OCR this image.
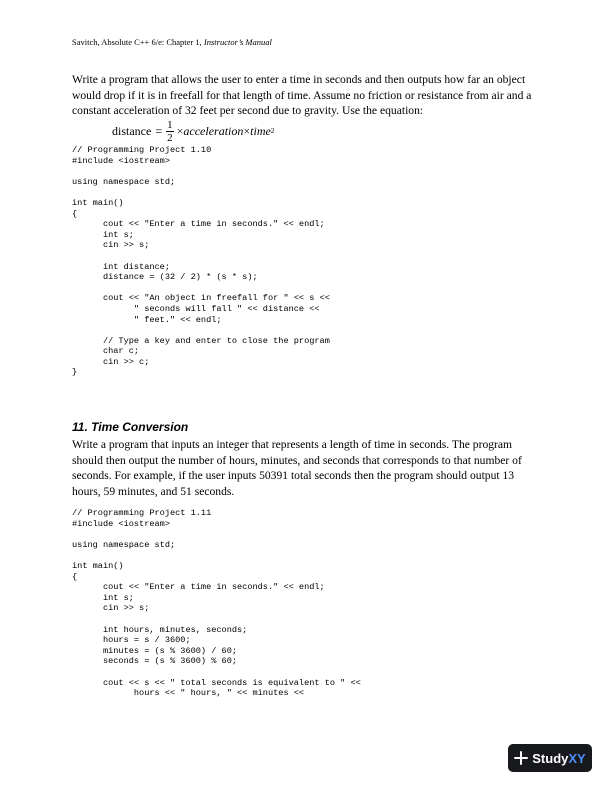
Savitch, Absolute C++ 6/e: Chapter 1, Instructor’s Manual
Write a program that allows the user to enter a time in seconds and then outputs how far an object would drop if it is in freefall for that length of time. Assume no friction or resistance from air and a constant acceleration of 32 feet per second due to gravity. Use the equation:
distance = $\frac{1}{2}$ × acceleration × time 2
// Programming Project 1.10
#include <iostream>

using namespace std;

int main()
{
cout << "Enter a time in seconds." << endl;
int s;
cin >> s;

int distance;
distance = (32 / 2) * (s * s);

cout << "An object in freefall for " << s <<
" seconds will fall " << distance <<
" feet." << endl;

// Type a key and enter to close the program
char c;
cin >> c;
}
11. Time Conversion
Write a program that inputs an integer that represents a length of time in seconds. The program should then output the number of hours, minutes, and seconds that corresponds to that number of seconds. For example, if the user inputs 50391 total seconds then the program should output 13 hours, 59 minutes, and 51 seconds.
// Programming Project 1.11
#include <iostream>

using namespace std;

int main()
{
cout << "Enter a time in seconds." << endl;
int s;
cin >> s;

int hours, minutes, seconds;
hours = s / 3600;
minutes = (s % 3600) / 60;
seconds = (s % 3600) % 60;

cout << s << " total seconds is equivalent to " <<
hours << " hours, " << minutes <<
StudyXY
